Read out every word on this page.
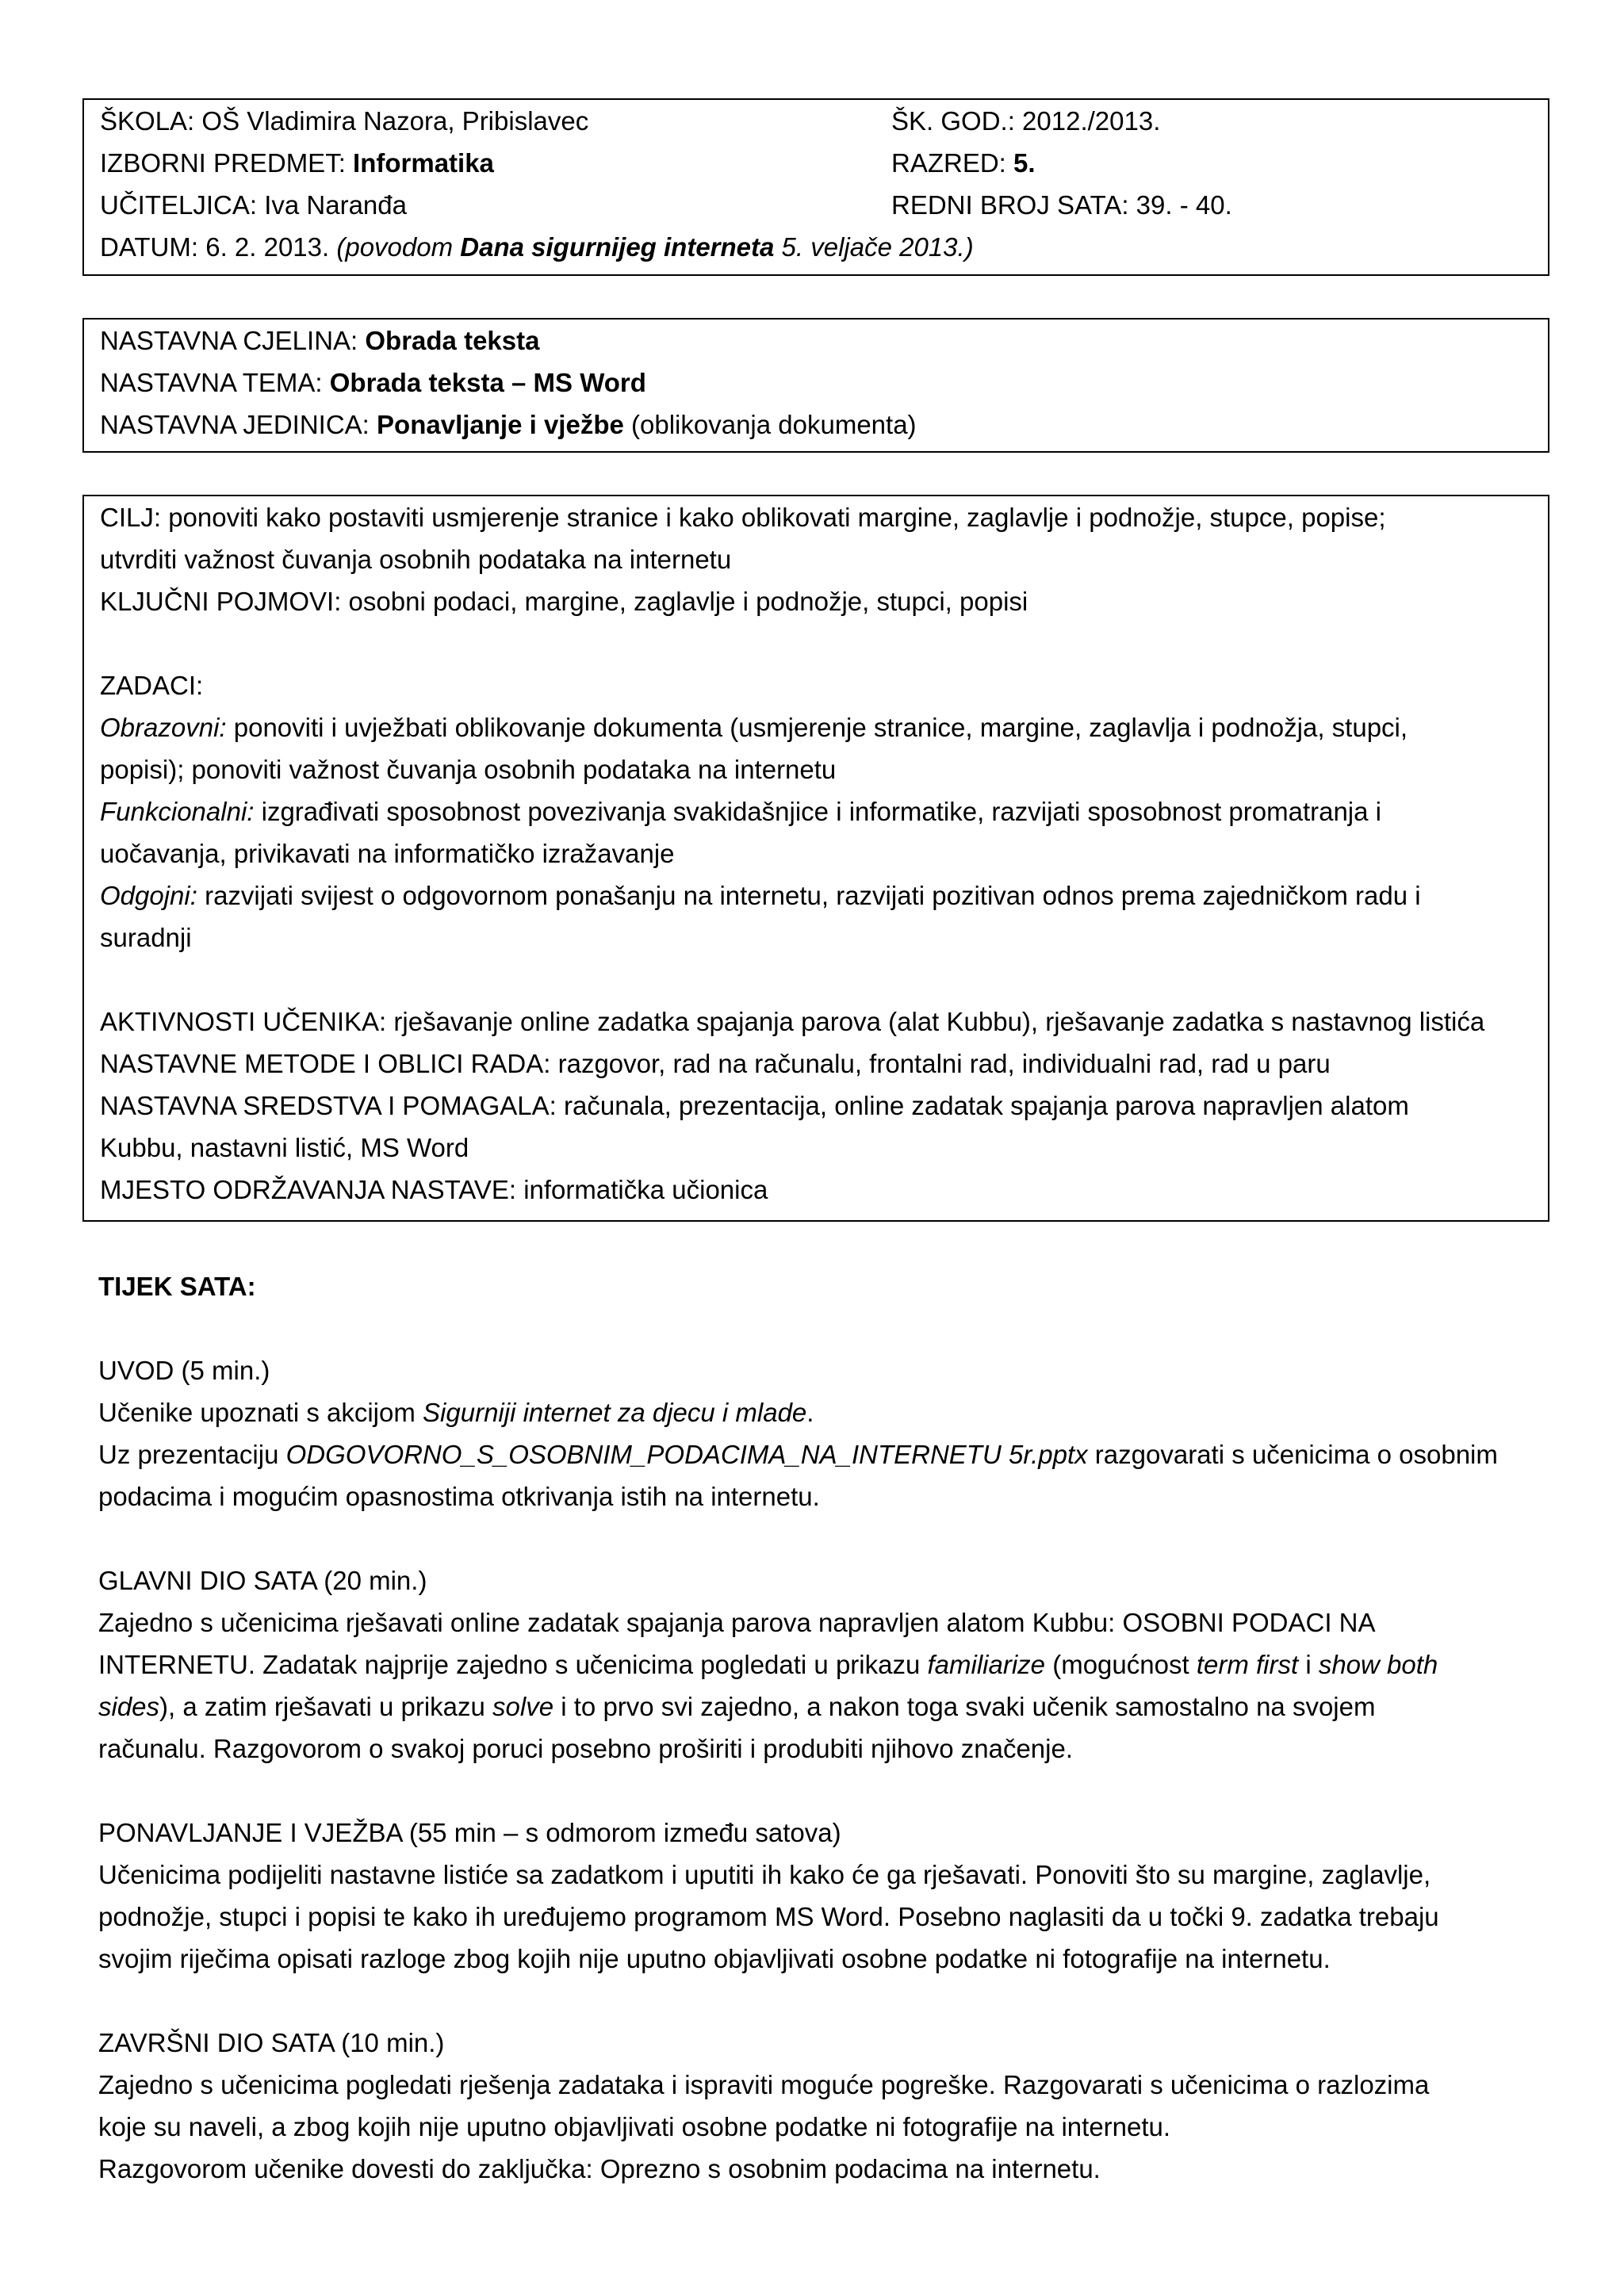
ŠKOLA: OŠ Vladimira Nazora, Pribislavec	ŠK. GOD.: 2012./2013.
IZBORNI PREDMET: Informatika	RAZRED: 5.
UČITELJICA: Iva Naranđa	REDNI BROJ SATA: 39. - 40.
DATUM: 6. 2. 2013. (povodom Dana sigurnijeg interneta 5. veljače 2013.)
NASTAVNA CJELINA: Obrada teksta
NASTAVNA TEMA: Obrada teksta – MS Word
NASTAVNA JEDINICA: Ponavljanje i vježbe (oblikovanja dokumenta)
CILJ: ponoviti kako postaviti usmjerenje stranice i kako oblikovati margine, zaglavlje i podnožje, stupce, popise;
utvrditi važnost čuvanja osobnih podataka na internetu
KLJUČNI POJMOVI: osobni podaci, margine, zaglavlje i podnožje, stupci, popisi
ZADACI:
Obrazovni: ponoviti i uvježbati oblikovanje dokumenta (usmjerenje stranice, margine, zaglavlja i podnožja, stupci,
popisi); ponoviti važnost čuvanja osobnih podataka na internetu
Funkcionalni: izgrađivati sposobnost povezivanja svakidašnjice i informatike, razvijati sposobnost promatranja i
uočavanja, privikavati na informatičko izražavanje
Odgojni: razvijati svijest o odgovornom ponašanju na internetu, razvijati pozitivan odnos prema zajedničkom radu i
suradnji
AKTIVNOSTI UČENIKA: rješavanje online zadatka spajanja parova (alat Kubbu), rješavanje zadatka s nastavnog listića
NASTAVNE METODE I OBLICI RADA: razgovor, rad na računalu, frontalni rad, individualni rad, rad u paru
NASTAVNA SREDSTVA I POMAGALA: računala, prezentacija, online zadatak spajanja parova napravljen alatom
Kubbu, nastavni listić, MS Word
MJESTO ODRŽAVANJA NASTAVE: informatička učionica
TIJEK SATA:
UVOD (5 min.)
Učenike upoznati s akcijom Sigurniji internet za djecu i mlade.
Uz prezentaciju ODGOVORNO_S_OSOBNIM_PODACIMA_NA_INTERNETU 5r.pptx razgovarati s učenicima o osobnim
podacima i mogućim opasnostima otkrivanja istih na internetu.
GLAVNI DIO SATA (20 min.)
Zajedno s učenicima rješavati online zadatak spajanja parova napravljen alatom Kubbu: OSOBNI PODACI NA
INTERNETU. Zadatak najprije zajedno s učenicima pogledati u prikazu familiarize (mogućnost term first i show both
sides), a zatim rješavati u prikazu solve i to prvo svi zajedno, a nakon toga svaki učenik samostalno na svojem
računalu. Razgovorom o svakoj poruci posebno proširiti i produbiti njihovo značenje.
PONAVLJANJE I VJEŽBA (55 min – s odmorom između satova)
Učenicima podijeliti nastavne listiće sa zadatkom i uputiti ih kako će ga rješavati. Ponoviti što su margine, zaglavlje,
podnožje, stupci i popisi te kako ih uređujemo programom MS Word. Posebno naglasiti da u točki 9. zadatka trebaju
svojim riječima opisati razloge zbog kojih nije uputno objavljivati osobne podatke ni fotografije na internetu.
ZAVRŠNI DIO SATA (10 min.)
Zajedno s učenicima pogledati rješenja zadataka i ispraviti moguće pogreške. Razgovarati s učenicima o razlozima
koje su naveli, a zbog kojih nije uputno objavljivati osobne podatke ni fotografije na internetu.
Razgovorom učenike dovesti do zaključka: Oprezno s osobnim podacima na internetu.
